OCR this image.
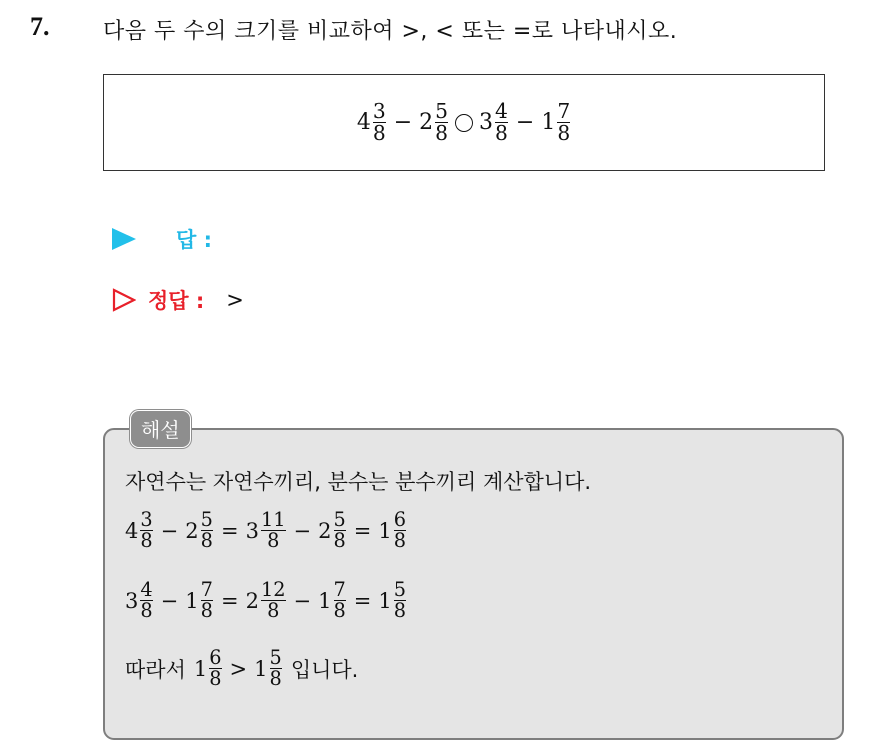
7. 다음 두 수의 크기를 비교하여 >, < 또는 =로 나타내시오.
$4 \frac{3}{8} - 2 \frac{5}{8} 3 \frac{4}{8} - 1 \frac{7}{8}$
답 :
정답 : >
해설
자연수는 자연수끼리, 분수는 분수끼리 계산합니다.
$4 \frac{3}{8} - 2 \frac{5}{8} = 3 \frac{11}{8} - 2 \frac{5}{8} = 1 \frac{6}{8}$
$3 \frac{4}{8} - 1 \frac{7}{8} = 2 \frac{12}{8} - 1 \frac{7}{8} = 1 \frac{5}{8}$
따라서 $1 \frac{6}{8} > 1 \frac{5}{8}$ 입니다.
